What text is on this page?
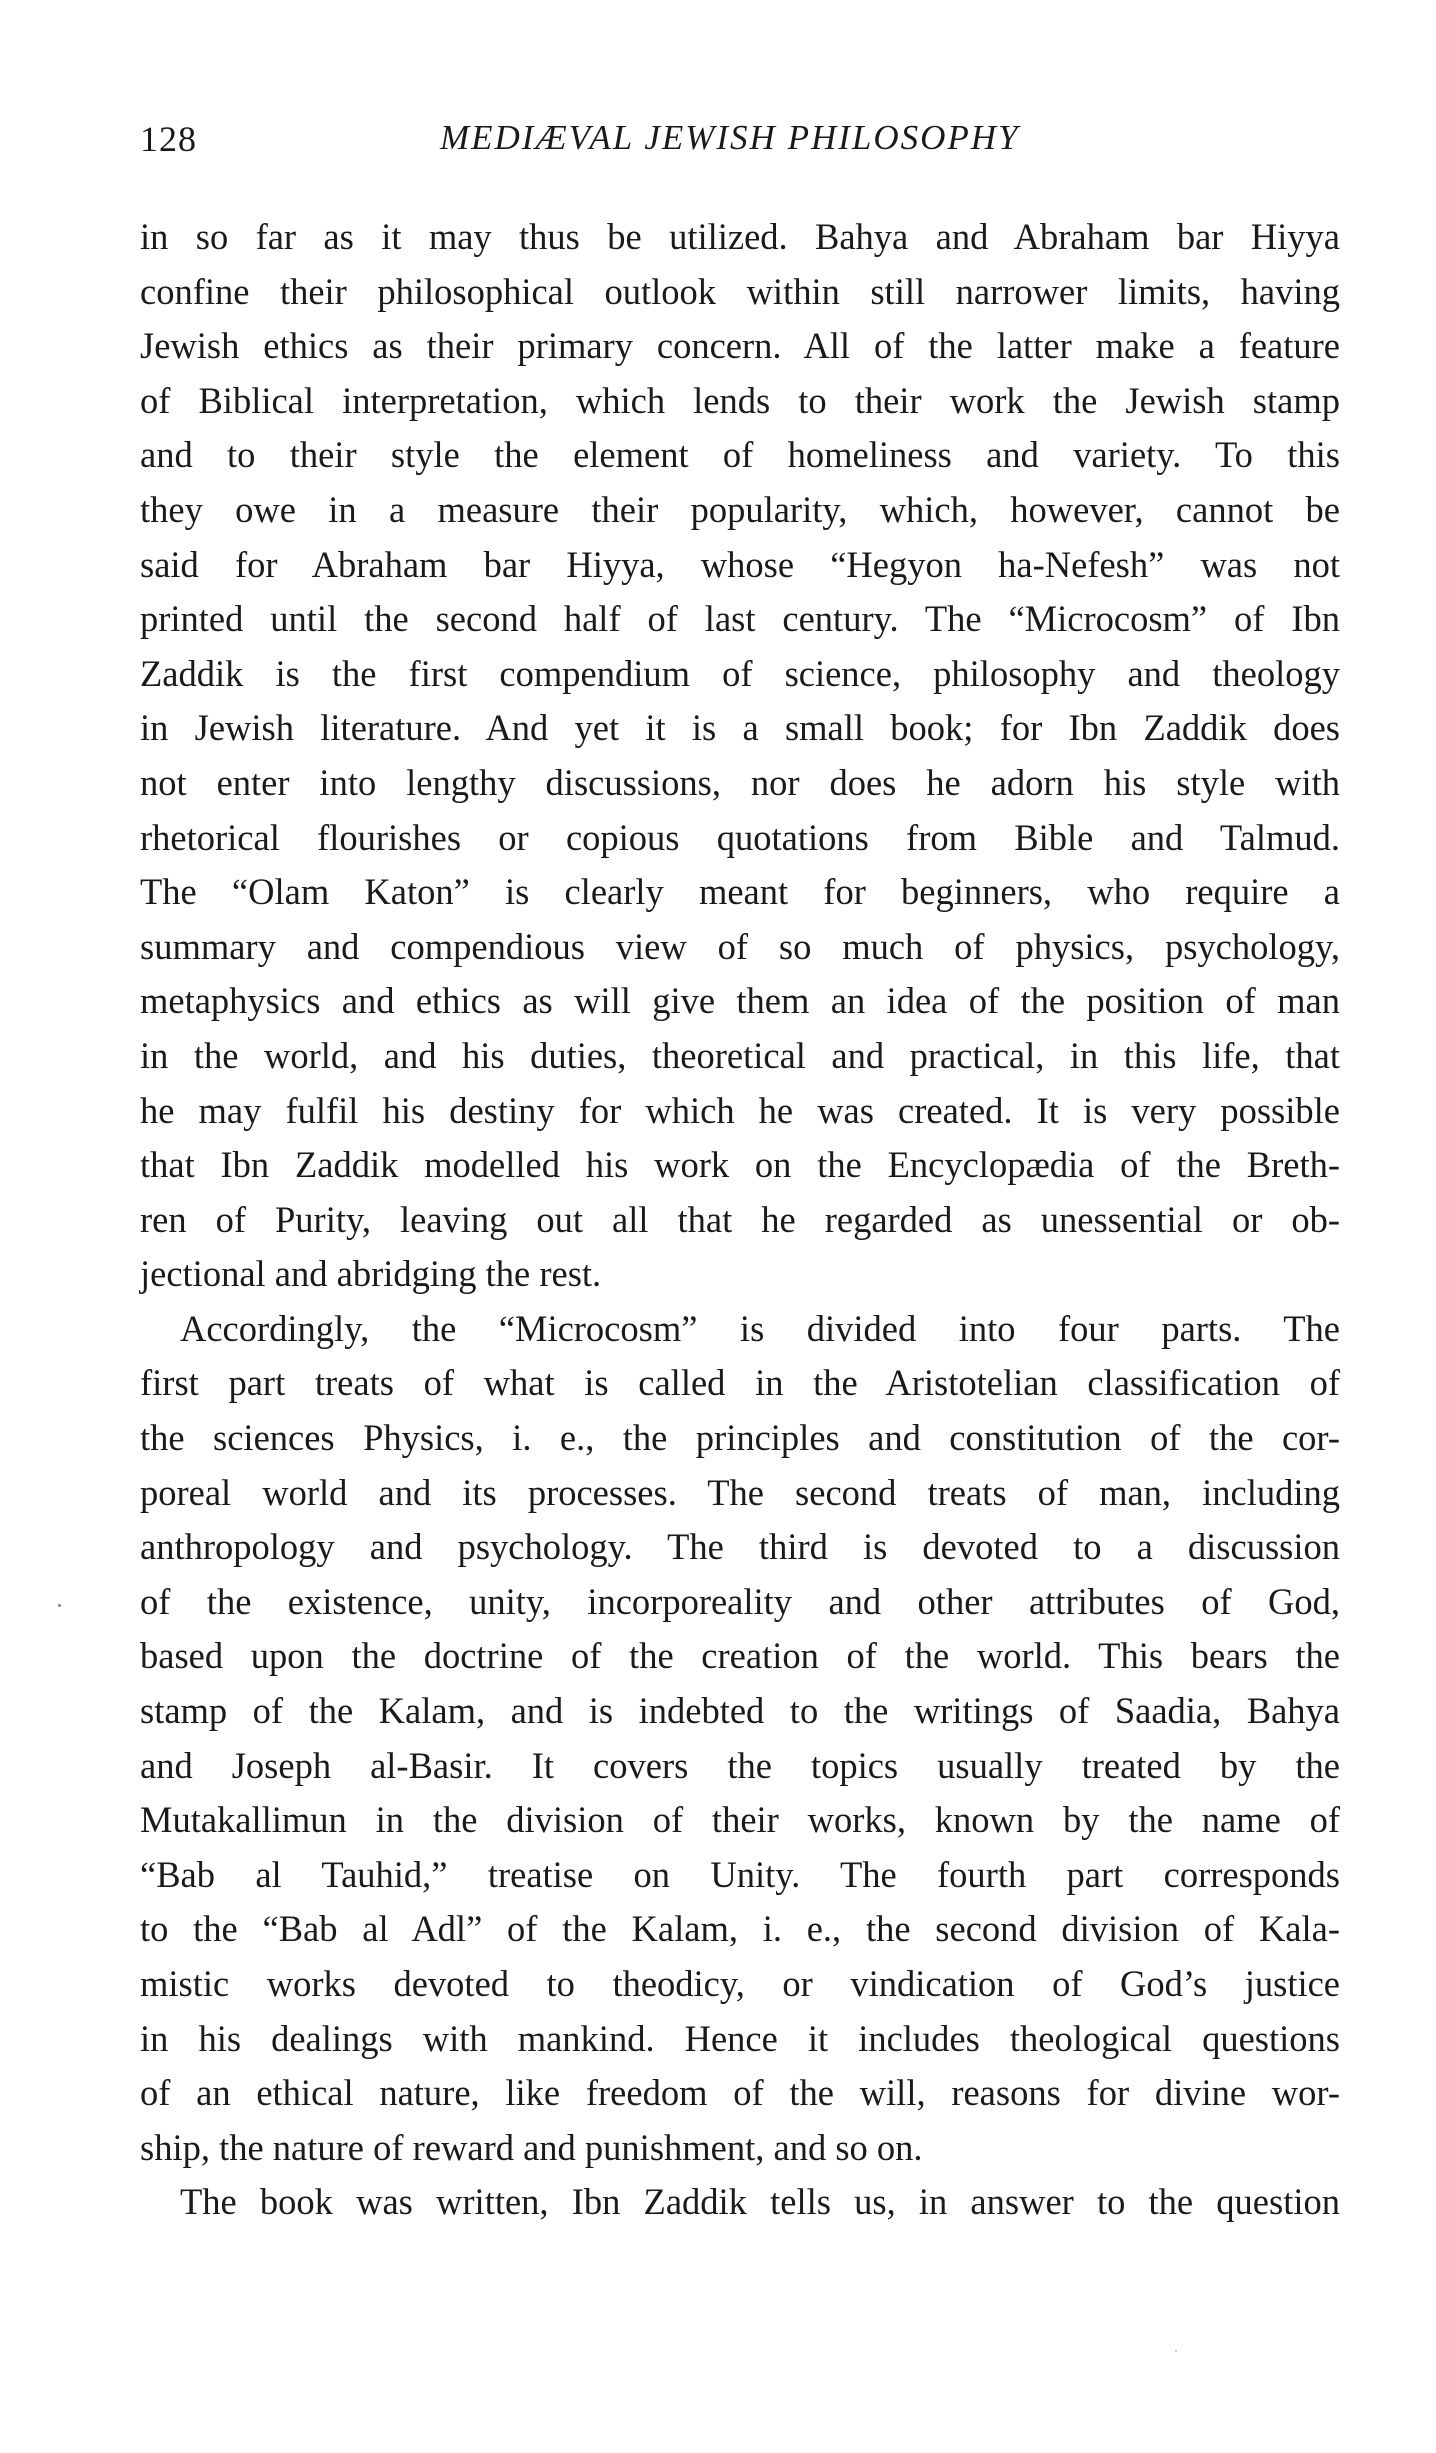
128	MEDIÆVAL JEWISH PHILOSOPHY
in so far as it may thus be utilized. Bahya and Abraham bar Hiyya
confine their philosophical outlook within still narrower limits, having
Jewish ethics as their primary concern. All of the latter make a feature
of Biblical interpretation, which lends to their work the Jewish stamp
and to their style the element of homeliness and variety. To this
they owe in a measure their popularity, which, however, cannot be
said for Abraham bar Hiyya, whose “Hegyon ha-Nefesh” was not
printed until the second half of last century. The “Microcosm” of Ibn
Zaddik is the first compendium of science, philosophy and theology
in Jewish literature. And yet it is a small book; for Ibn Zaddik does
not enter into lengthy discussions, nor does he adorn his style with
rhetorical flourishes or copious quotations from Bible and Talmud.
The “Olam Katon” is clearly meant for beginners, who require a
summary and compendious view of so much of physics, psychology,
metaphysics and ethics as will give them an idea of the position of man
in the world, and his duties, theoretical and practical, in this life, that
he may fulfil his destiny for which he was created. It is very possible
that Ibn Zaddik modelled his work on the Encyclopædia of the Breth-
ren of Purity, leaving out all that he regarded as unessential or ob-
jectional and abridging the rest.
Accordingly, the “Microcosm” is divided into four parts. The
first part treats of what is called in the Aristotelian classification of
the sciences Physics, i. e., the principles and constitution of the cor-
poreal world and its processes. The second treats of man, including
anthropology and psychology. The third is devoted to a discussion
of the existence, unity, incorporeality and other attributes of God,
based upon the doctrine of the creation of the world. This bears the
stamp of the Kalam, and is indebted to the writings of Saadia, Bahya
and Joseph al-Basir. It covers the topics usually treated by the
Mutakallimun in the division of their works, known by the name of
“Bab al Tauhid,” treatise on Unity. The fourth part corresponds
to the “Bab al Adl” of the Kalam, i. e., the second division of Kala-
mistic works devoted to theodicy, or vindication of God’s justice
in his dealings with mankind. Hence it includes theological questions
of an ethical nature, like freedom of the will, reasons for divine wor-
ship, the nature of reward and punishment, and so on.
The book was written, Ibn Zaddik tells us, in answer to the question
